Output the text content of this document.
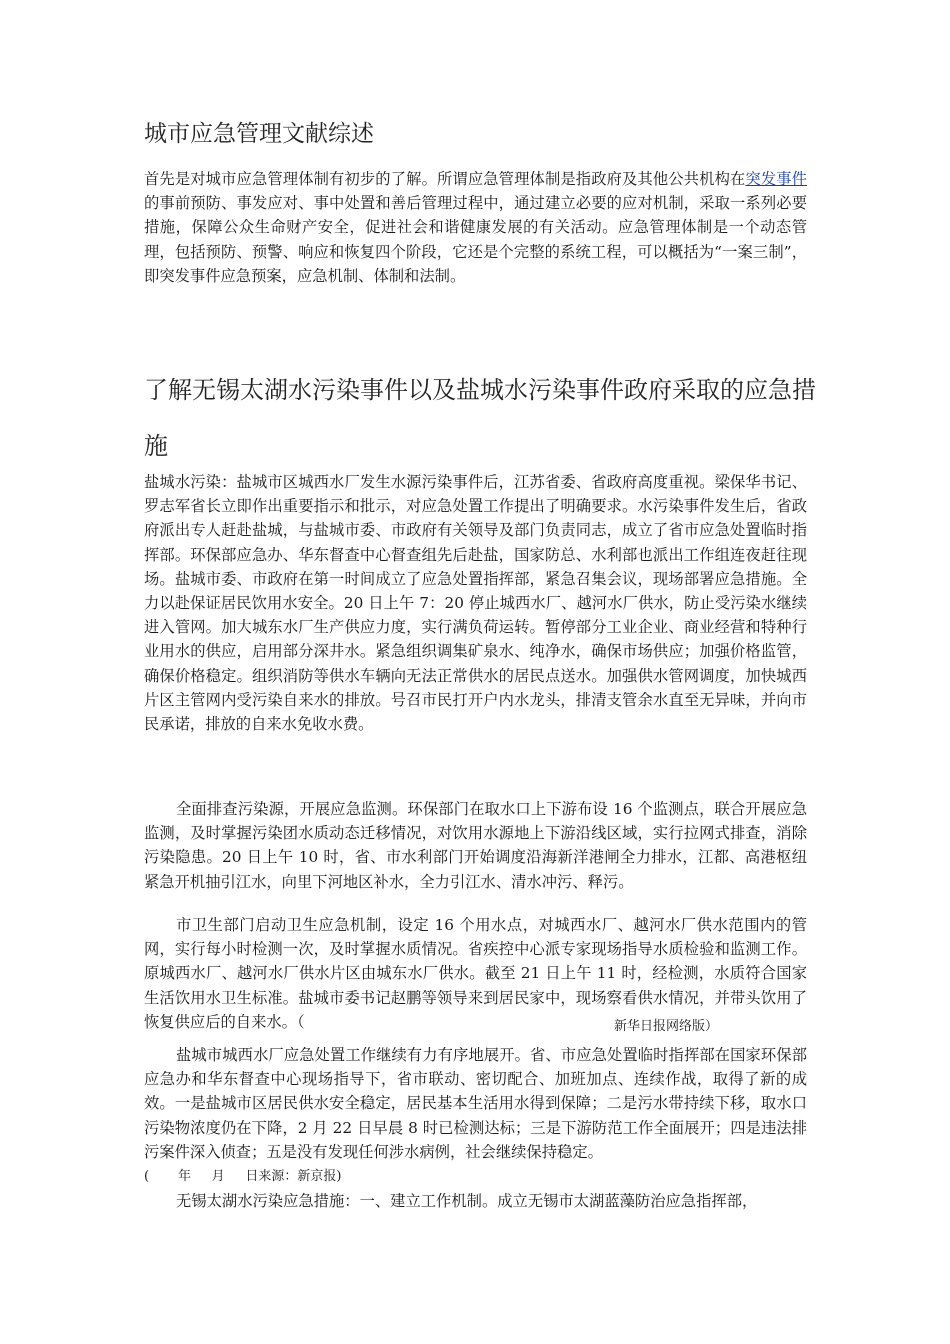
城市应急管理文献综述
首先是对城市应急管理体制有初步的了解。所谓应急管理体制是指政府及其他公共机构在突发事件的事前预防、事发应对、事中处置和善后管理过程中，通过建立必要的应对机制，采取一系列必要措施，保障公众生命财产安全，促进社会和谐健康发展的有关活动。应急管理体制是一个动态管理，包括预防、预警、响应和恢复四个阶段，它还是个完整的系统工程，可以概括为“一案三制”，即突发事件应急预案，应急机制、体制和法制。
了解无锡太湖水污染事件以及盐城水污染事件政府采取的应急措施
盐城水污染：盐城市区城西水厂发生水源污染事件后，江苏省委、省政府高度重视。梁保华书记、罗志军省长立即作出重要指示和批示，对应急处置工作提出了明确要求。水污染事件发生后，省政府派出专人赶赴盐城，与盐城市委、市政府有关领导及部门负责同志，成立了省市应急处置临时指挥部。环保部应急办、华东督查中心督查组先后赴盐，国家防总、水利部也派出工作组连夜赶往现场。盐城市委、市政府在第一时间成立了应急处置指挥部，紧急召集会议，现场部署应急措施。全力以赴保证居民饮用水安全。20 日上午 7：20 停止城西水厂、越河水厂供水，防止受污染水继续进入管网。加大城东水厂生产供应力度，实行满负荷运转。暂停部分工业企业、商业经营和特种行业用水的供应，启用部分深井水。紧急组织调集矿泉水、纯净水，确保市场供应；加强价格监管，确保价格稳定。组织消防等供水车辆向无法正常供水的居民点送水。加强供水管网调度，加快城西片区主管网内受污染自来水的排放。号召市民打开户内水龙头，排清支管余水直至无异味，并向市民承诺，排放的自来水免收水费。
全面排查污染源，开展应急监测。环保部门在取水口上下游布设 16 个监测点，联合开展应急监测，及时掌握污染团水质动态迁移情况，对饮用水源地上下游沿线区域，实行拉网式排查，消除污染隐患。20 日上午 10 时，省、市水利部门开始调度沿海新洋港闸全力排水，江都、高港枢纽紧急开机抽引江水，向里下河地区补水，全力引江水、清水冲污、释污。
市卫生部门启动卫生应急机制，设定 16 个用水点，对城西水厂、越河水厂供水范围内的管网，实行每小时检测一次，及时掌握水质情况。省疾控中心派专家现场指导水质检验和监测工作。原城西水厂、越河水厂供水片区由城东水厂供水。截至 21 日上午 11 时，经检测，水质符合国家生活饮用水卫生标准。盐城市委书记赵鹏等领导来到居民家中，现场察看供水情况，并带头饮用了恢复供应后的自来水。（	新华日报网络版）
盐城市城西水厂应急处置工作继续有力有序地展开。省、市应急处置临时指挥部在国家环保部应急办和华东督查中心现场指导下，省市联动、密切配合、加班加点、连续作战，取得了新的成效。一是盐城市区居民供水安全稳定，居民基本生活用水得到保障；二是污水带持续下移，取水口污染物浓度仍在下降，2 月 22 日早晨 8 时已检测达标；三是下游防范工作全面展开；四是违法排污案件深入侦查；五是没有发现任何涉水病例，社会继续保持稳定。
(       年     月     日来源：新京报)
无锡太湖水污染应急措施：一、建立工作机制。成立无锡市太湖蓝藻防治应急指挥部，
